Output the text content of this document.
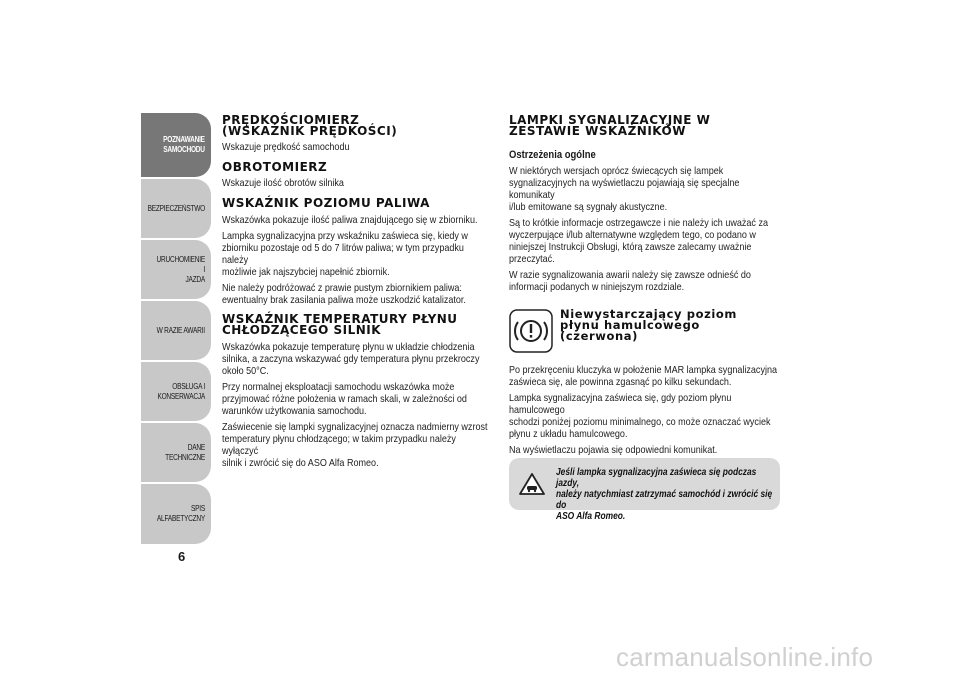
POZNAWANIE
SAMOCHODU
BEZPIECZEŃSTWO
URUCHOMIENIE I
JAZDA
W RAZIE AWARII
OBSŁUGA I
KONSERWACJA
DANE TECHNICZNE
SPIS ALFABETYCZNY
6
PRĘDKOŚCIOMIERZ
(WSKAŹNIK PRĘDKOŚCI)

Wskazuje prędkość samochodu

OBROTOMIERZ

Wskazuje ilość obrotów silnika

WSKAŹNIK POZIOMU PALIWA

Wskazówka pokazuje ilość paliwa znajdującego się w zbiorniku.

Lampka sygnalizacyjna przy wskaźniku zaświeca się, kiedy w
zbiorniku pozostaje od 5 do 7 litrów paliwa; w tym przypadku należy
możliwie jak najszybciej napełnić zbiornik.

Nie należy podróżować z prawie pustym zbiornikiem paliwa:
ewentualny brak zasilania paliwa może uszkodzić katalizator.

WSKAŹNIK TEMPERATURY PŁYNU
CHŁODZĄCEGO SILNIK

Wskazówka pokazuje temperaturę płynu w układzie chłodzenia
silnika, a zaczyna wskazywać gdy temperatura płynu przekroczy
około 50°C.

Przy normalnej eksploatacji samochodu wskazówka może
przyjmować różne położenia w ramach skali, w zależności od
warunków użytkowania samochodu.

Zaświecenie się lampki sygnalizacyjnej oznacza nadmierny wzrost
temperatury płynu chłodzącego; w takim przypadku należy wyłączyć
silnik i zwrócić się do ASO Alfa Romeo.

LAMPKI SYGNALIZACYJNE W
ZESTAWIE WSKAŹNIKÓW

Ostrzeżenia ogólne

W niektórych wersjach oprócz świecących się lampek
sygnalizacyjnych na wyświetlaczu pojawiają się specjalne komunikaty
i/lub emitowane są sygnały akustyczne.

Są to krótkie informacje ostrzegawcze i nie należy ich uważać za
wyczerpujące i/lub alternatywne względem tego, co podano w
niniejszej Instrukcji Obsługi, którą zawsze zalecamy uważnie
przeczytać.

W razie sygnalizowania awarii należy się zawsze odnieść do
informacji podanych w niniejszym rozdziale.

Niewystarczający poziom
płynu hamulcowego
(czerwona)

Po przekręceniu kluczyka w położenie MAR lampka sygnalizacyjna
zaświeca się, ale powinna zgasnąć po kilku sekundach.

Lampka sygnalizacyjna zaświeca się, gdy poziom płynu hamulcowego
schodzi poniżej poziomu minimalnego, co może oznaczać wyciek
płynu z układu hamulcowego.

Na wyświetlaczu pojawia się odpowiedni komunikat.

Jeśli lampka sygnalizacyjna zaświeca się podczas jazdy,
należy natychmiast zatrzymać samochód i zwrócić się do
ASO Alfa Romeo.
carmanualsonline.info
